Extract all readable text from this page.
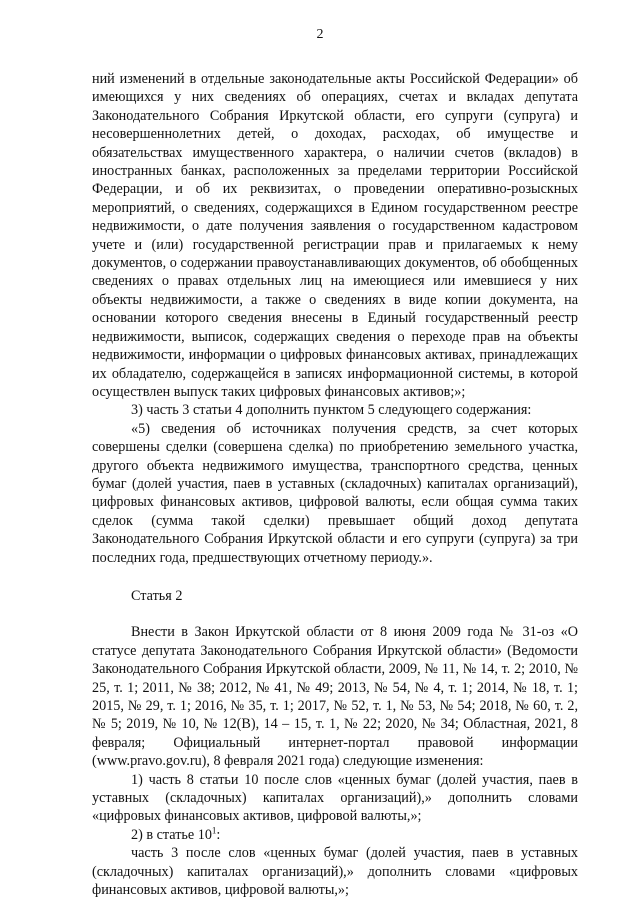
2

ний изменений в отдельные законодательные акты Российской Федерации» об имеющихся у них сведениях об операциях, счетах и вкладах депутата Законодательного Собрания Иркутской области, его супруги (супруга) и несовершеннолетних детей, о доходах, расходах, об имуществе и обязательствах имущественного характера, о наличии счетов (вкладов) в иностранных банках, расположенных за пределами территории Российской Федерации, и об их реквизитах, о проведении оперативно-розыскных мероприятий, о сведениях, содержащихся в Едином государственном реестре недвижимости, о дате получения заявления о государственном кадастровом учете и (или) государственной регистрации прав и прилагаемых к нему документов, о содержании правоустанавливающих документов, об обобщенных сведениях о правах отдельных лиц на имеющиеся или имевшиеся у них объекты недвижимости, а также о сведениях в виде копии документа, на основании которого сведения внесены в Единый государственный реестр недвижимости, выписок, содержащих сведения о переходе прав на объекты недвижимости, информации о цифровых финансовых активах, принадлежащих их обладателю, содержащейся в записях информационной системы, в которой осуществлен выпуск таких цифровых финансовых активов;»;

3) часть 3 статьи 4 дополнить пунктом 5 следующего содержания:

«5) сведения об источниках получения средств, за счет которых совершены сделки (совершена сделка) по приобретению земельного участка, другого объекта недвижимого имущества, транспортного средства, ценных бумаг (долей участия, паев в уставных (складочных) капиталах организаций), цифровых финансовых активов, цифровой валюты, если общая сумма таких сделок (сумма такой сделки) превышает общий доход депутата Законодательного Собрания Иркутской области и его супруги (супруга) за три последних года, предшествующих отчетному периоду.».

Статья 2

Внести в Закон Иркутской области от 8 июня 2009 года № 31-оз «О статусе депутата Законодательного Собрания Иркутской области» (Ведомости Законодательного Собрания Иркутской области, 2009, № 11, № 14, т. 2; 2010, № 25, т. 1; 2011, № 38; 2012, № 41, № 49; 2013, № 54, № 4, т. 1; 2014, № 18, т. 1; 2015, № 29, т. 1; 2016, № 35, т. 1; 2017, № 52, т. 1, № 53, № 54; 2018, № 60, т. 2, № 5; 2019, № 10, № 12(В), 14 – 15, т. 1, № 22; 2020, № 34; Областная, 2021, 8 февраля; Официальный интернет-портал правовой информации (www.pravo.gov.ru), 8 февраля 2021 года) следующие изменения:

1) часть 8 статьи 10 после слов «ценных бумаг (долей участия, паев в уставных (складочных) капиталах организаций),» дополнить словами «цифровых финансовых активов, цифровой валюты,»;

2) в статье $10^1$:

часть 3 после слов «ценных бумаг (долей участия, паев в уставных (складочных) капиталах организаций),» дополнить словами «цифровых финансовых активов, цифровой валюты,»;
